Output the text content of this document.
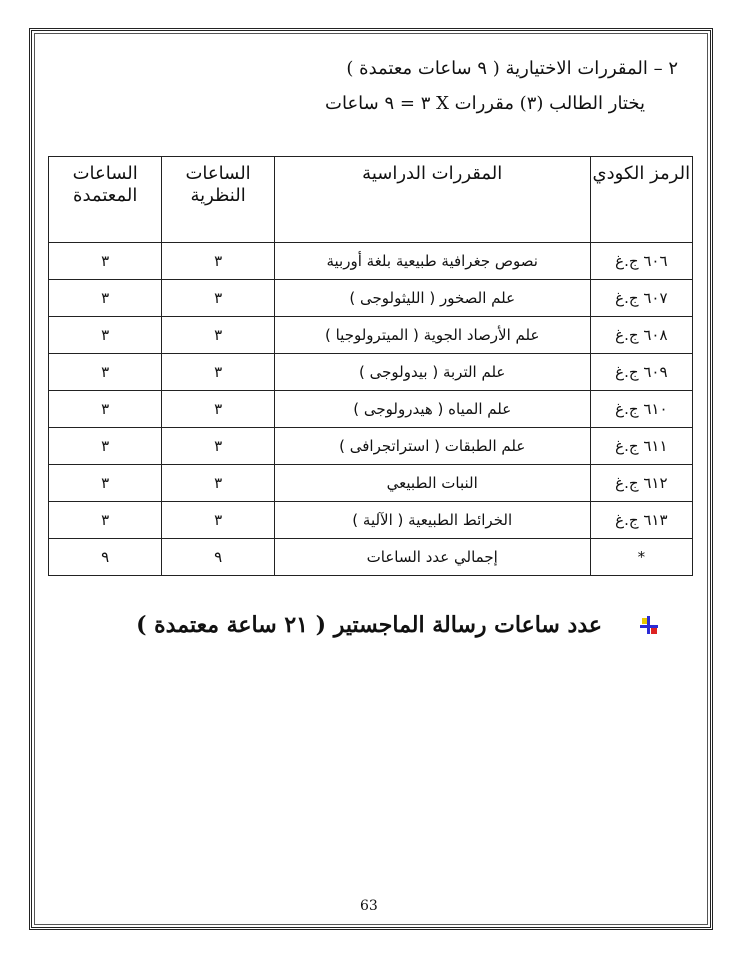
٢ – المقررات الاختيارية ( ٩ ساعات معتمدة )
يختار الطالب (٣) مقررات X ٣ = ٩ ساعات
الرمز الكودي	المقررات الدراسية	الساعات النظرية	الساعات المعتمدة
٦٠٦ ج.غ	نصوص جغرافية طبيعية بلغة أوربية	٣	٣
٦٠٧ ج.غ	علم الصخور ( الليثولوجى )	٣	٣
٦٠٨ ج.غ	علم الأرصاد الجوية ( الميترولوجيا )	٣	٣
٦٠٩ ج.غ	علم التربة ( بيدولوجى )	٣	٣
٦١٠ ج.غ	علم المياه ( هيدرولوجى )	٣	٣
٦١١ ج.غ	علم الطبقات ( استراتجرافى )	٣	٣
٦١٢ ج.غ	النبات الطبيعي	٣	٣
٦١٣ ج.غ	الخرائط الطبيعية ( الآلية )	٣	٣
*	إجمالي عدد الساعات	٩	٩
عدد ساعات رسالة الماجستير ( ٢١ ساعة معتمدة )
63
